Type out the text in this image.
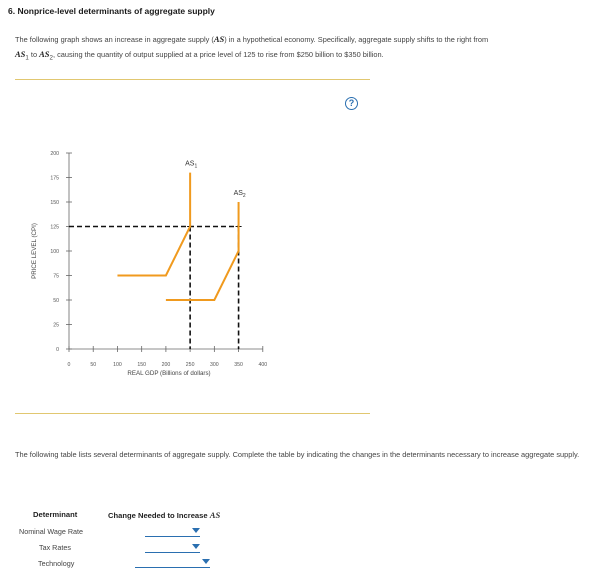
6. Nonprice-level determinants of aggregate supply
The following graph shows an increase in aggregate supply (AS) in a hypothetical economy. Specifically, aggregate supply shifts to the right from
$AS_1$ to $AS_2$, causing the quantity of output supplied at a price level of 125 to rise from $250 billion to $350 billion.
0
25
50
75
100
125
150
175
200
0	50	100	150	200	250	300	350	400
REAL GDP (Billions of dollars)
PRICE LEVEL (CPI)
$AS_1$
$AS_2$
?
The following table lists several determinants of aggregate supply. Complete the table by indicating the changes in the determinants necessary to increase aggregate supply.
Determinant	Change Needed to Increase AS
Nominal Wage Rate
Tax Rates
Technology
